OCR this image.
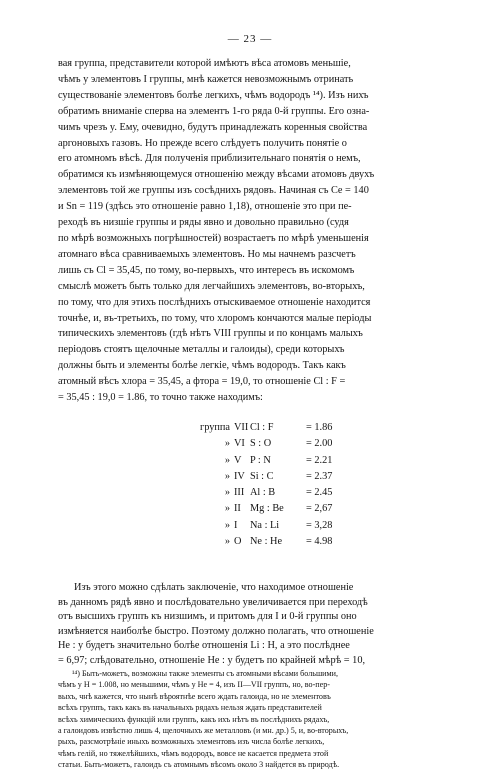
— 23 —
вая группа, представители которой имѣютъ вѣса атомовъ меньшіе,
чѣмъ у элементовъ I группы, мнѣ кажется невозможнымъ отринать
существованіе элементовъ болѣе легкихъ, чѣмъ водородъ ¹⁴). Изъ нихъ
обратимъ вниманіе сперва на элементъ 1-го ряда 0-й группы. Его озна-
чимъ чрезъ y. Ему, очевидно, будутъ принадлежать коренныя свойства
аргоновыхъ газовъ. Но прежде всего слѣдуетъ получить понятіе о
его атомномъ вѣсѣ. Для полученія приблизительнаго понятія о немъ,
обратимся къ измѣняющемуся отношенію между вѣсами атомовъ двухъ
элементовъ той же группы изъ сосѣднихъ рядовъ. Начиная съ Ce = 140
и Sn = 119 (здѣсь это отношеніе равно 1,18), отношеніе это при пе-
реходѣ въ низшіе группы и ряды явно и довольно правильно (судя
по мѣрѣ возможныхъ погрѣшностей) возрастаетъ по мѣрѣ уменьшенія
атомнаго вѣса сравниваемыхъ элементовъ. Но мы начнемъ разсчетъ
лишь съ Cl = 35,45, по тому, во-первыхъ, что интересъ въ искомомъ
смыслѣ можетъ быть только для легчайшихъ элементовъ, во-вторыхъ,
по тому, что для этихъ послѣднихъ отыскиваемое отношеніе находится
точнѣе, и, въ-третьихъ, по тому, что хлоромъ кончаются малые періоды
типическихъ элементовъ (гдѣ нѣтъ VIII группы и по концамъ малыхъ
періодовъ стоятъ щелочные металлы и галоиды), среди которыхъ
должны быть и элементы болѣе легкіе, чѣмъ водородъ. Такъ какъ
атомный вѣсъ хлора = 35,45, а фтора = 19,0, то отношеніе Cl : F =
= 35,45 : 19,0 = 1.86, то точно также находимъ:
группа VII Cl : F	= 1.86
» VI S : O	= 2.00
» V P : N	= 2.21
» IV Si : C	= 2.37
» III Al : B	= 2.45
» II Mg : Be	= 2,67
» I	Na : Li	= 3,28
» O Ne : He	= 4.98
Изъ этого можно сдѣлать заключеніе, что находимое отношеніе
въ данномъ рядѣ явно и послѣдовательно увеличивается при переходѣ
отъ высшихъ группъ къ низшимъ, и притомъ для I и 0-й группы оно
измѣняется наиболѣе быстро. Поэтому должно полагать, что отношеніе
He : y будетъ значительно болѣе отношенія Li : H, а это послѣднее
= 6,97; слѣдовательно, отношеніе He : y будетъ по крайней мѣрѣ = 10,
¹⁴) Быть-можетъ, возможны также элементы съ атомными вѣсами большими,
чѣмъ у H = 1.008, но меньшими, чѣмъ у He = 4, изъ II—VII группъ, но, во-пер-
выхъ, чнѣ кажется, что нынѣ вѣроятнѣе всего ждать галоида, но не элементовъ
всѣхъ группъ, такъ какъ въ начальныхъ рядахъ нельзя ждать представителей
всѣхъ химическихъ функцій или группъ, какъ ихъ нѣтъ въ послѣднихъ рядахъ,
а галоидовъ извѣстно лишь 4, щелочныхъ же металловъ (и мн. др.) 5, и, во-вторыхъ,
рыхъ, разсмотрѣніе иныхъ возможныхъ элементовъ изъ числа болѣе легкихъ,
чѣмъ гелій, но тяжелѣйшихъ, чѣмъ водородъ, вовсе не касается предмета этой
статьи. Быть-можетъ, галоидъ съ атомнымъ вѣсомъ около 3 найдется въ природѣ.
